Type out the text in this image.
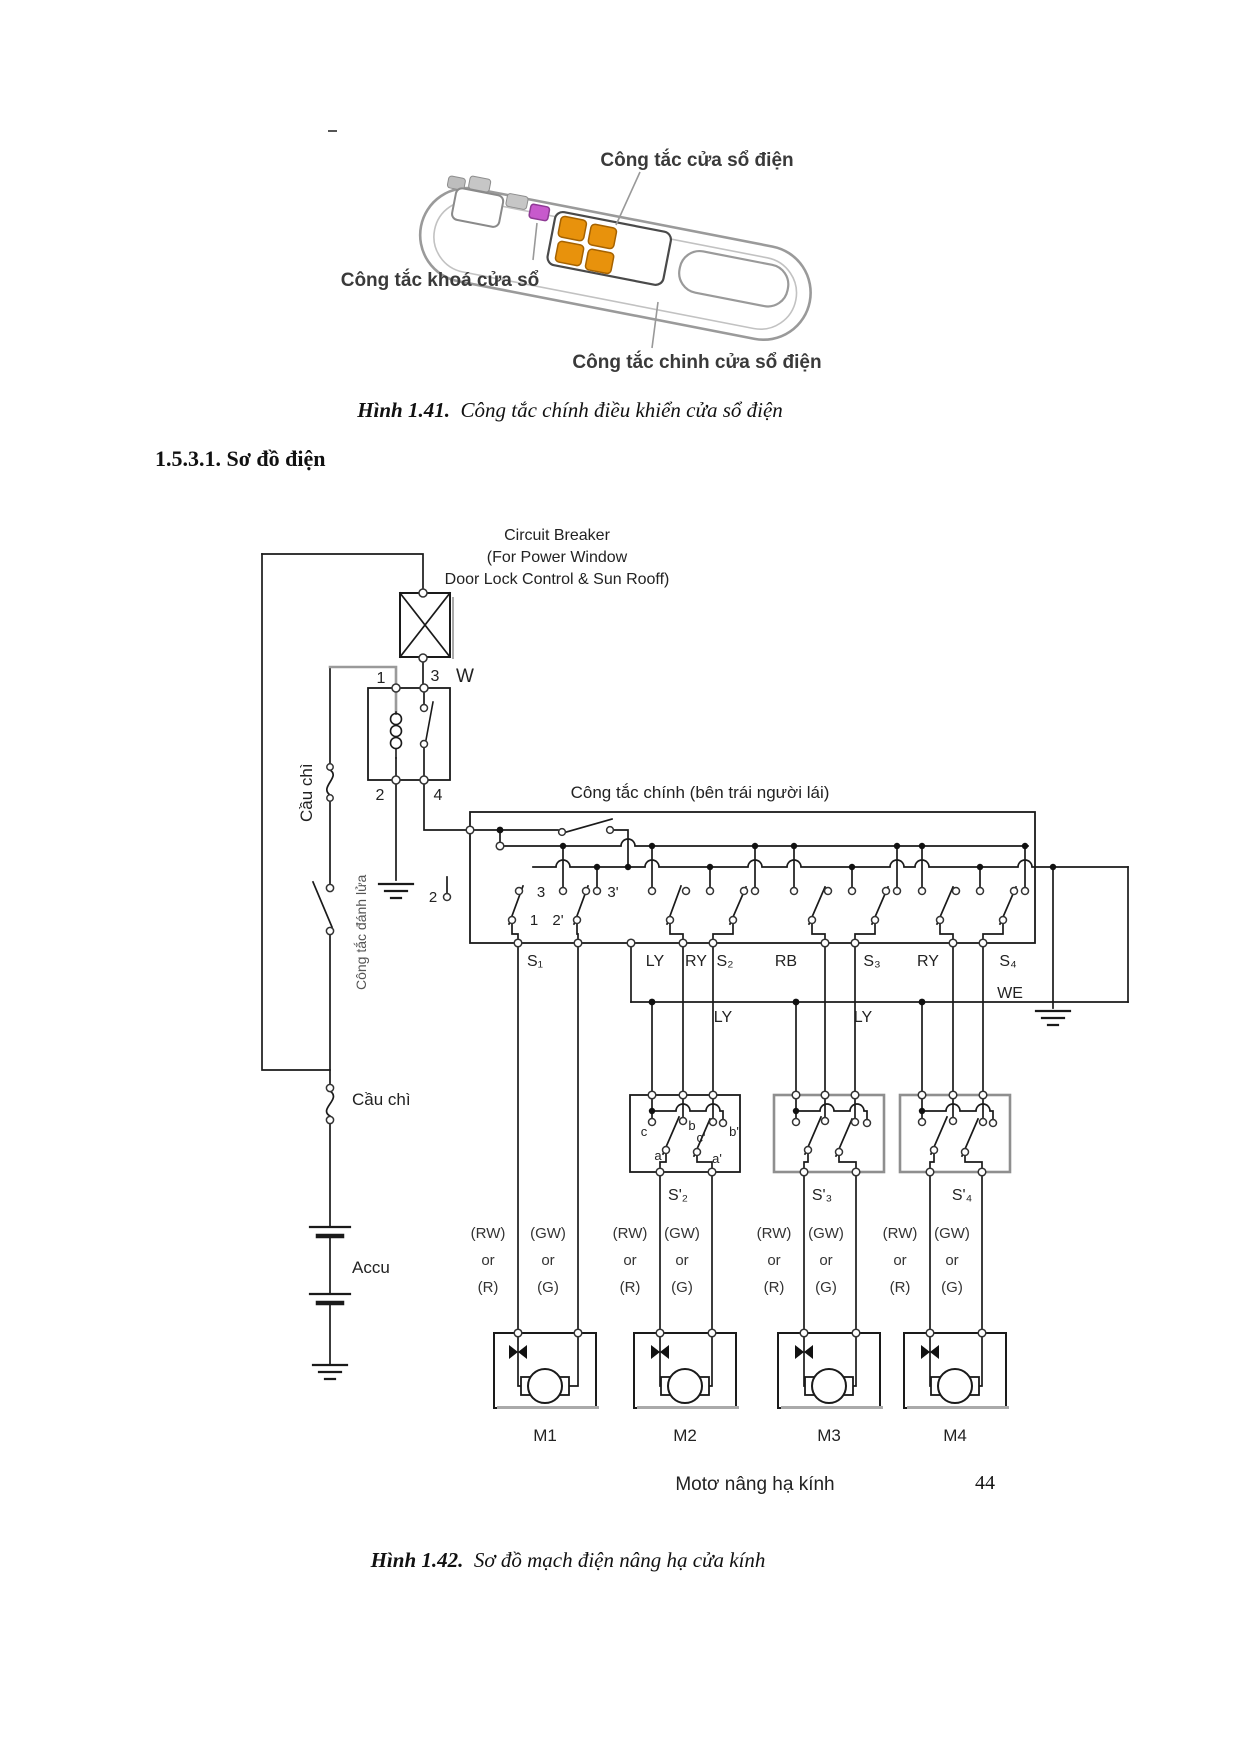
Công tắc cửa sổ điện
Công tắc khoá cửa sổ
Công tắc chinh cửa sổ điện
Circuit Breaker
(For Power Window
Door Lock Control & Sun Rooff)
W
1	3
2	4
Cầu chì
Công tắc đánh lửa
Cầu chì
Accu
Công tắc chính (bên trái người lái)
2	3	3'
1 2'
S₁	LY RY S₂	RB	S₃ RY	S₄
WE
LY	LY
S'₂	S'₃	S'₄
c
a
b
c'
a'
b'
(RW)
or
(R)
(GW)
or
(G)
(RW)
or
(R)
(GW)
or
(G)
(RW)
or
(R)
(GW)
or
(G)
(RW)
or
(R)
(GW)
or
(G)
M1	M2	M3	M4
Motơ nâng hạ kính
Hình 1.41. Công tắc chính điều khiển cửa sổ điện
1.5.3.1. Sơ đồ điện
Hình 1.42. Sơ đồ mạch điện nâng hạ cửa kính
44
